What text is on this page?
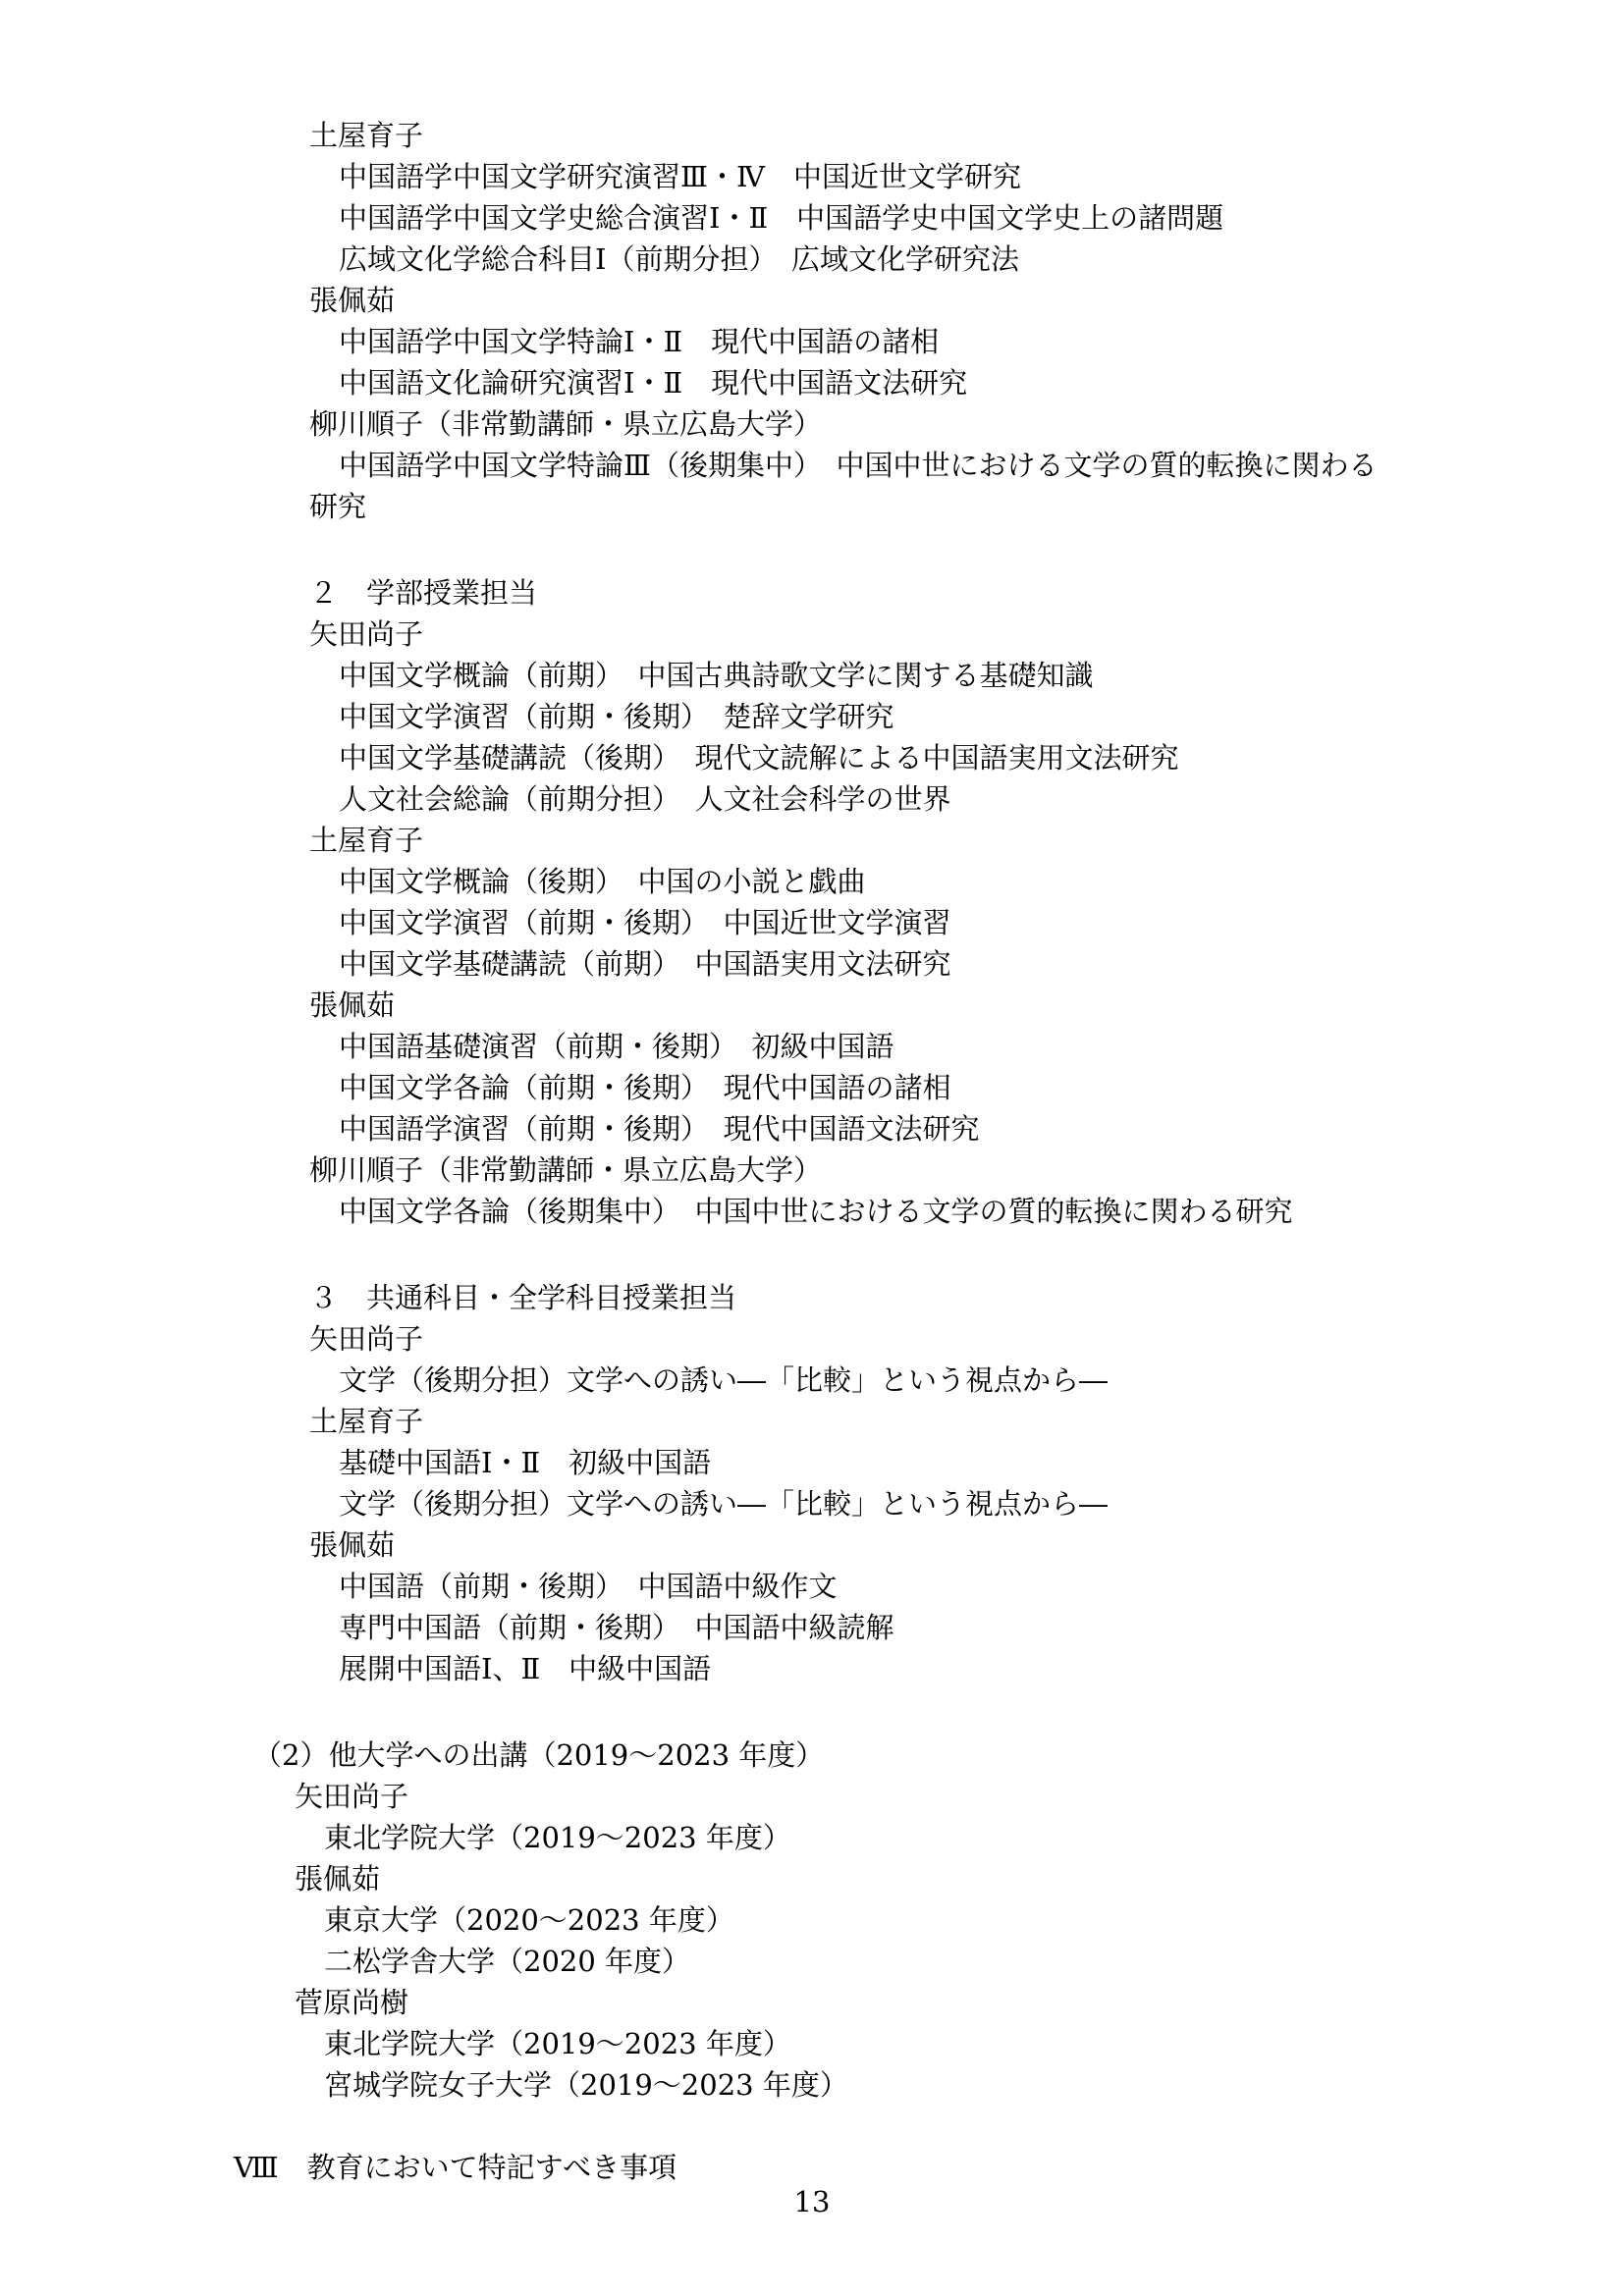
土屋育子
中国語学中国文学研究演習Ⅲ・Ⅳ　中国近世文学研究
中国語学中国文学史総合演習Ⅰ・Ⅱ　中国語学史中国文学史上の諸問題
広域文化学総合科目Ⅰ（前期分担）　広域文化学研究法
張佩茹
中国語学中国文学特論Ⅰ・Ⅱ　現代中国語の諸相
中国語文化論研究演習Ⅰ・Ⅱ　現代中国語文法研究
柳川順子（非常勤講師・県立広島大学）
中国語学中国文学特論Ⅲ（後期集中）　中国中世における文学の質的転換に関わる
研究
２　学部授業担当
矢田尚子
中国文学概論（前期）　中国古典詩歌文学に関する基礎知識
中国文学演習（前期・後期）　楚辞文学研究
中国文学基礎講読（後期）　現代文読解による中国語実用文法研究
人文社会総論（前期分担）　人文社会科学の世界
土屋育子
中国文学概論（後期）　中国の小説と戯曲
中国文学演習（前期・後期）　中国近世文学演習
中国文学基礎講読（前期）　中国語実用文法研究
張佩茹
中国語基礎演習（前期・後期）　初級中国語
中国文学各論（前期・後期）　現代中国語の諸相
中国語学演習（前期・後期）　現代中国語文法研究
柳川順子（非常勤講師・県立広島大学）
中国文学各論（後期集中）　中国中世における文学の質的転換に関わる研究
３　共通科目・全学科目授業担当
矢田尚子
文学（後期分担）文学への誘い―「比較」という視点から―
土屋育子
基礎中国語Ⅰ・Ⅱ　初級中国語
文学（後期分担）文学への誘い―「比較」という視点から―
張佩茹
中国語（前期・後期）　中国語中級作文
専門中国語（前期・後期）　中国語中級読解
展開中国語Ⅰ、Ⅱ　中級中国語
（2）他大学への出講（2019～2023 年度）
矢田尚子
東北学院大学（2019～2023 年度）
張佩茹
東京大学（2020～2023 年度）
二松学舎大学（2020 年度）
菅原尚樹
東北学院大学（2019～2023 年度）
宮城学院女子大学（2019～2023 年度）
Ⅷ　教育において特記すべき事項
13
